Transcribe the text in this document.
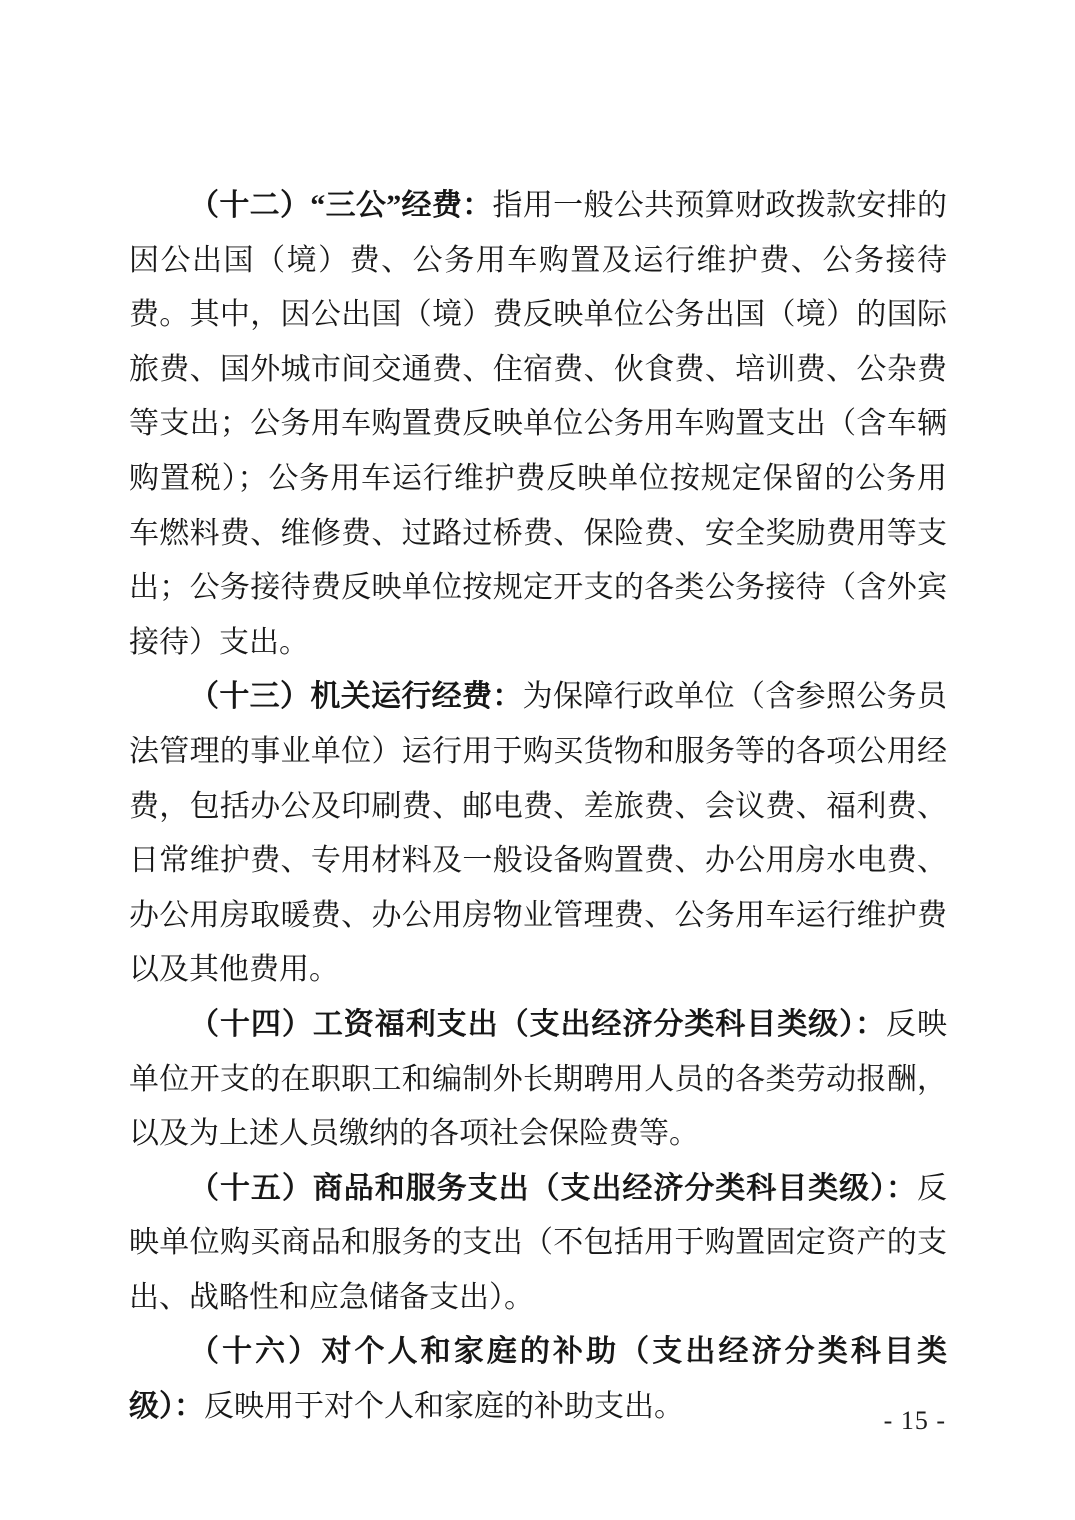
（十二）“三公”经费：指用一般公共预算财政拨款安排的因公出国（境）费、公务用车购置及运行维护费、公务接待费。其中，因公出国（境）费反映单位公务出国（境）的国际旅费、国外城市间交通费、住宿费、伙食费、培训费、公杂费等支出；公务用车购置费反映单位公务用车购置支出（含车辆购置税）；公务用车运行维护费反映单位按规定保留的公务用车燃料费、维修费、过路过桥费、保险费、安全奖励费用等支出；公务接待费反映单位按规定开支的各类公务接待（含外宾接待）支出。

（十三）机关运行经费：为保障行政单位（含参照公务员法管理的事业单位）运行用于购买货物和服务等的各项公用经费，包括办公及印刷费、邮电费、差旅费、会议费、福利费、日常维护费、专用材料及一般设备购置费、办公用房水电费、办公用房取暖费、办公用房物业管理费、公务用车运行维护费以及其他费用。

（十四）工资福利支出（支出经济分类科目类级）：反映单位开支的在职职工和编制外长期聘用人员的各类劳动报酬，以及为上述人员缴纳的各项社会保险费等。

（十五）商品和服务支出（支出经济分类科目类级）：反映单位购买商品和服务的支出（不包括用于购置固定资产的支出、战略性和应急储备支出）。

（十六）对个人和家庭的补助（支出经济分类科目类级）：反映用于对个人和家庭的补助支出。	- 15 -
